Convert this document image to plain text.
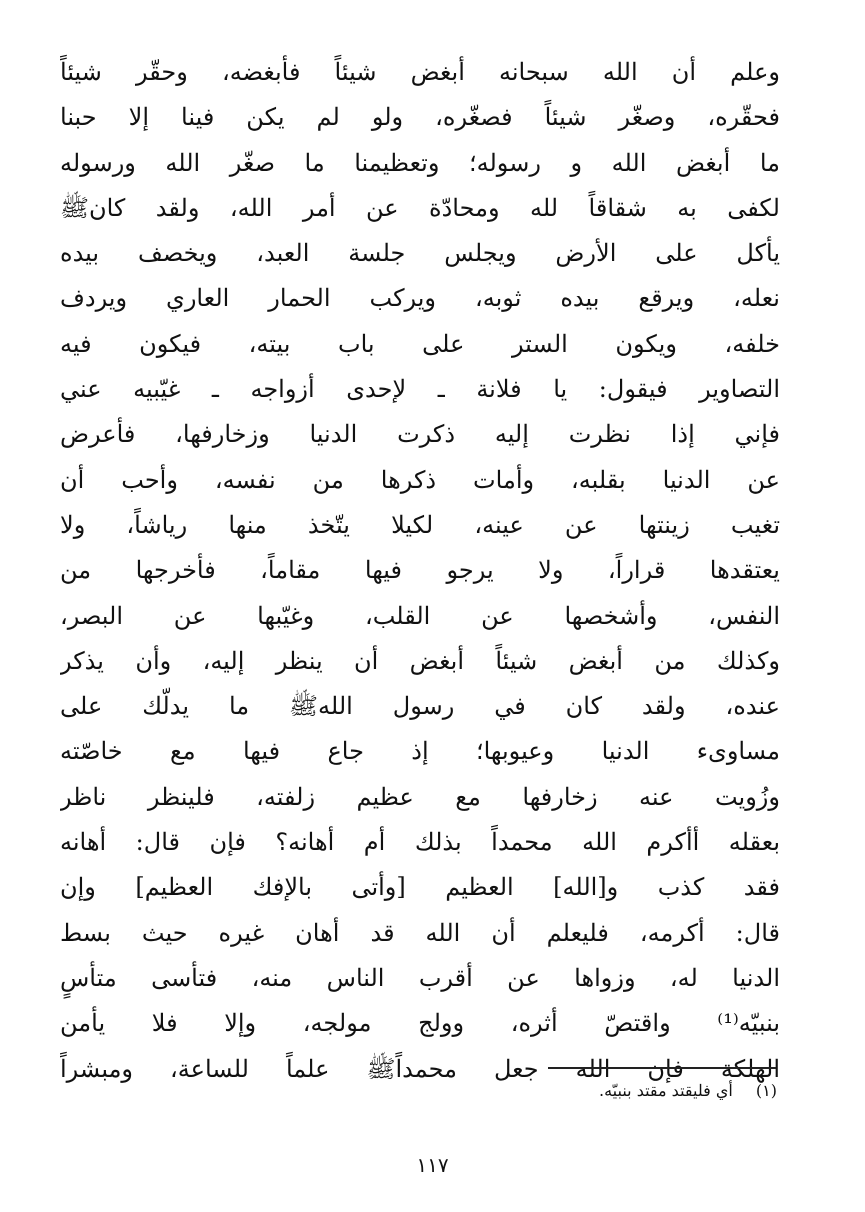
وعلم أن الله سبحانه أبغض شيئاً فأبغضه، وحقّر شيئاً
فحقّره، وصغّر شيئاً فصغّره، ولو لم يكن فينا إلا حبنا
ما أبغض الله و رسوله؛ وتعظيمنا ما صغّر الله ورسوله
لكفى به شقاقاً لله ومحادّة عن أمر الله، ولقد كانﷺ
يأكل على الأرض ويجلس جلسة العبد، ويخصف بيده
نعله، ويرقع بيده ثوبه، ويركب الحمار العاري ويردف
خلفه، ويكون الستر على باب بيته، فيكون فيه
التصاوير فيقول: يا فلانة ـ لإحدى أزواجه ـ غيّبيه عني
فإني إذا نظرت إليه ذكرت الدنيا وزخارفها، فأعرض
عن الدنيا بقلبه، وأمات ذكرها من نفسه، وأحب أن
تغيب زينتها عن عينه، لكيلا يتّخذ منها رياشاً، ولا
يعتقدها قراراً، ولا يرجو فيها مقاماً، فأخرجها من
النفس، وأشخصها عن القلب، وغيّبها عن البصر،
وكذلك من أبغض شيئاً أبغض أن ينظر إليه، وأن يذكر
عنده، ولقد كان في رسول اللهﷺ ما يدلّك على
مساوىء الدنيا وعيوبها؛ إذ جاع فيها مع خاصّته
وزُويت عنه زخارفها مع عظيم زلفته، فلينظر ناظر
بعقله أأكرم الله محمداً بذلك أم أهانه؟ فإن قال: أهانه
فقد كذب و[الله] العظيم [وأتى بالإفك العظيم] وإن
قال: أكرمه، فليعلم أن الله قد أهان غيره حيث بسط
الدنيا له، وزواها عن أقرب الناس منه، فتأسى متأسٍ
بنبيّه⁽¹⁾ واقتصّ أثره، وولج مولجه، وإلا فلا يأمن
الهلكة فإن الله جعل محمداًﷺ علماً للساعة، ومبشراً
(١) أي فليقتد مقتد بنبيّه.
١١٧
